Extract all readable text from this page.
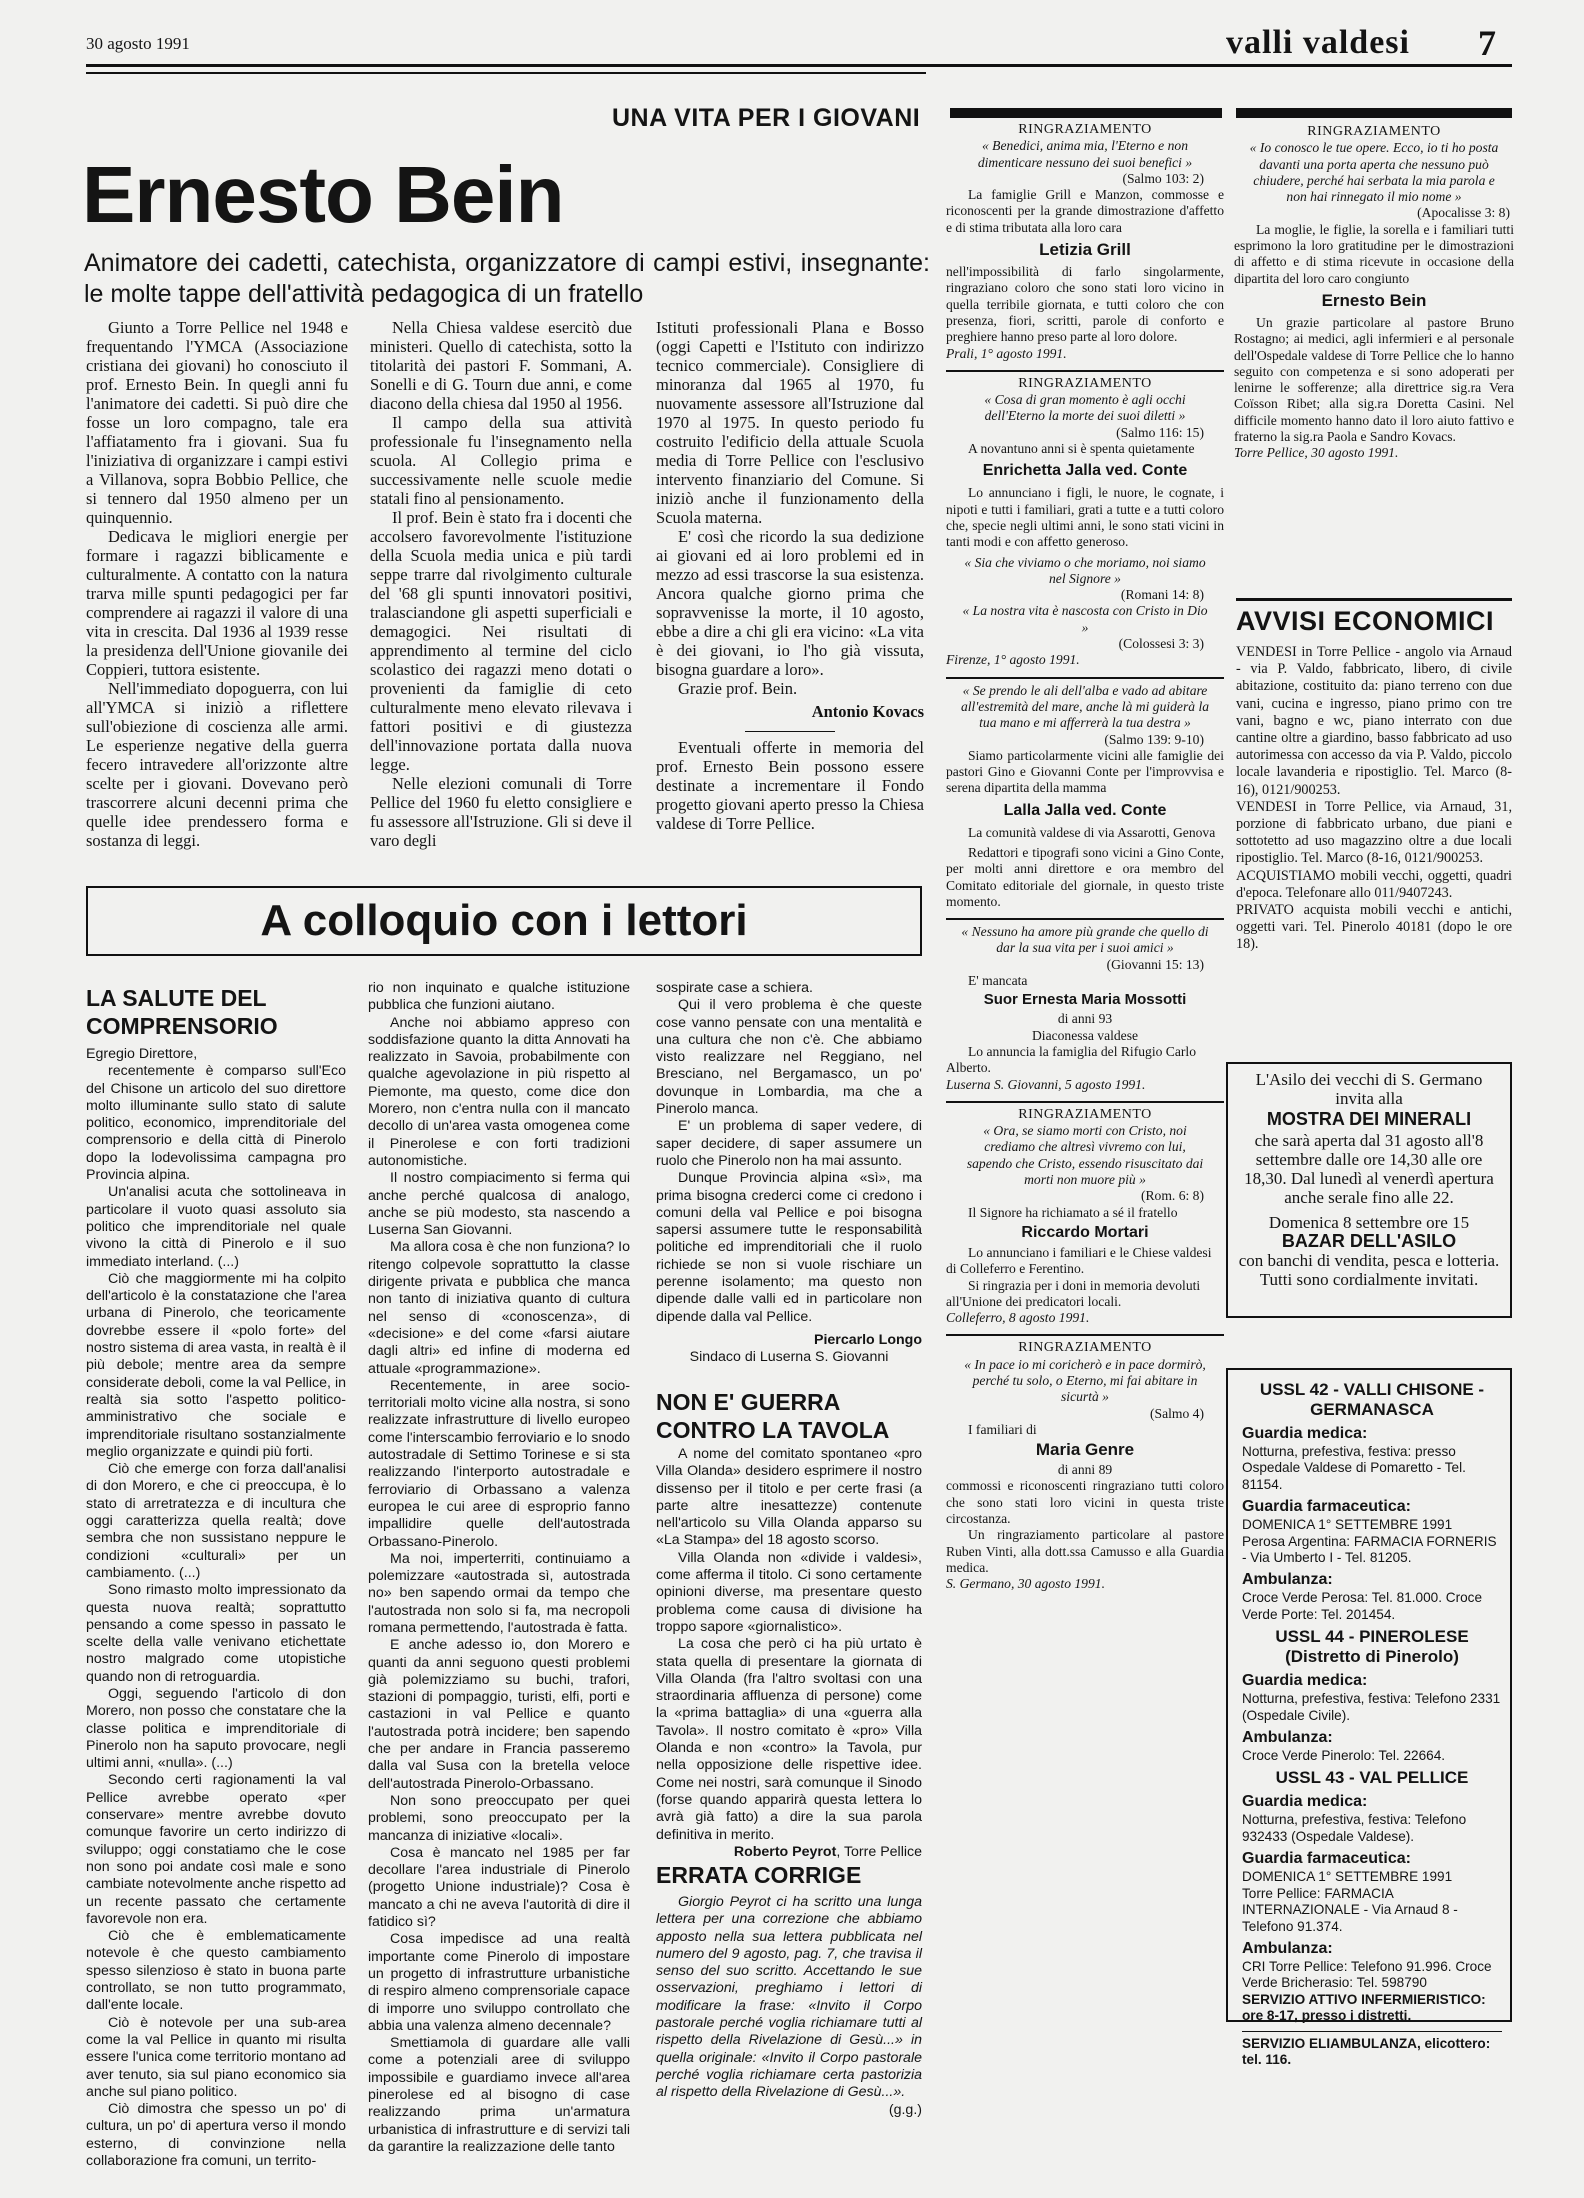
30 agosto 1991	valli valdesi 7
UNA VITA PER I GIOVANI
Ernesto Bein
Animatore dei cadetti, catechista, organizzatore di campi estivi, insegnante: le molte tappe dell'attività pedagogica di un fratello

Giunto a Torre Pellice nel 1948 e frequentando l'YMCA (Associazione cristiana dei giovani) ho conosciuto il prof. Ernesto Bein. In quegli anni fu l'animatore dei cadetti. Si può dire che fosse un loro compagno, tale era l'affiatamento fra i giovani. Sua fu l'iniziativa di organizzare i campi estivi a Villanova, sopra Bobbio Pellice, che si tennero dal 1950 almeno per un quinquennio.

Dedicava le migliori energie per formare i ragazzi biblicamente e culturalmente. A contatto con la natura trarva mille spunti pedagogici per far comprendere ai ragazzi il valore di una vita in crescita. Dal 1936 al 1939 resse la presidenza dell'Unione giovanile dei Coppieri, tuttora esistente.

Nell'immediato dopoguerra, con lui all'YMCA si iniziò a riflettere sull'obiezione di coscienza alle armi. Le esperienze negative della guerra fecero intravedere all'orizzonte altre scelte per i giovani. Dovevano però trascorrere alcuni decenni prima che quelle idee prendessero forma e sostanza di leggi.

Nella Chiesa valdese esercitò due ministeri. Quello di catechista, sotto la titolarità dei pastori F. Sommani, A. Sonelli e di G. Tourn due anni, e come diacono della chiesa dal 1950 al 1956.

Il campo della sua attività professionale fu l'insegnamento nella scuola. Al Collegio prima e successivamente nelle scuole medie statali fino al pensionamento.

Il prof. Bein è stato fra i docenti che accolsero favorevolmente l'istituzione della Scuola media unica e più tardi seppe trarre dal rivolgimento culturale del '68 gli spunti innovatori positivi, tralasciandone gli aspetti superficiali e demagogici. Nei risultati di apprendimento al termine del ciclo scolastico dei ragazzi meno dotati o provenienti da famiglie di ceto culturalmente meno elevato rilevava i fattori positivi e di giustezza dell'innovazione portata dalla nuova legge.

Nelle elezioni comunali di Torre Pellice del 1960 fu eletto consigliere e fu assessore all'Istruzione. Gli si deve il varo degli

Istituti professionali Plana e Bosso (oggi Capetti e l'Istituto con indirizzo tecnico commerciale). Consigliere di minoranza dal 1965 al 1970, fu nuovamente assessore all'Istruzione dal 1970 al 1975. In questo periodo fu costruito l'edificio della attuale Scuola media di Torre Pellice con l'esclusivo intervento finanziario del Comune. Si iniziò anche il funzionamento della Scuola materna.

E' così che ricordo la sua dedizione ai giovani ed ai loro problemi ed in mezzo ad essi trascorse la sua esistenza. Ancora qualche giorno prima che sopravvenisse la morte, il 10 agosto, ebbe a dire a chi gli era vicino: «La vita è dei giovani, io l'ho già vissuta, bisogna guardare a loro».

Grazie prof. Bein.

Antonio Kovacs

Eventuali offerte in memoria del prof. Ernesto Bein possono essere destinate a incrementare il Fondo progetto giovani aperto presso la Chiesa valdese di Torre Pellice.

A colloquio con i lettori
LA SALUTE DEL COMPRENSORIO

Egregio Direttore,

recentemente è comparso sull'Eco del Chisone un articolo del suo direttore molto illuminante sullo stato di salute politico, economico, imprenditoriale del comprensorio e della città di Pinerolo dopo la lodevolissima campagna pro Provincia alpina.

Un'analisi acuta che sottolineava in particolare il vuoto quasi assoluto sia politico che imprenditoriale nel quale vivono la città di Pinerolo e il suo immediato interland. (...)

Ciò che maggiormente mi ha colpito dell'articolo è la constatazione che l'area urbana di Pinerolo, che teoricamente dovrebbe essere il «polo forte» del nostro sistema di area vasta, in realtà è il più debole; mentre area da sempre considerate deboli, come la val Pellice, in realtà sia sotto l'aspetto politico-amministrativo che sociale e imprenditoriale risultano sostanzialmente meglio organizzate e quindi più forti.

Ciò che emerge con forza dall'analisi di don Morero, e che ci preoccupa, è lo stato di arretratezza e di incultura che oggi caratterizza quella realtà; dove sembra che non sussistano neppure le condizioni «culturali» per un cambiamento. (...)

Sono rimasto molto impressionato da questa nuova realtà; soprattutto pensando a come spesso in passato le scelte della valle venivano etichettate nostro malgrado come utopistiche quando non di retroguardia.

Oggi, seguendo l'articolo di don Morero, non posso che constatare che la classe politica e imprenditoriale di Pinerolo non ha saputo provocare, negli ultimi anni, «nulla». (...)

Secondo certi ragionamenti la val Pellice avrebbe operato «per conservare» mentre avrebbe dovuto comunque favorire un certo indirizzo di sviluppo; oggi constatiamo che le cose non sono poi andate così male e sono cambiate notevolmente anche rispetto ad un recente passato che certamente favorevole non era.

Ciò che è emblematicamente notevole è che questo cambiamento spesso silenzioso è stato in buona parte controllato, se non tutto programmato, dall'ente locale.

Ciò è notevole per una sub-area come la val Pellice in quanto mi risulta essere l'unica come territorio montano ad aver tenuto, sia sul piano economico sia anche sul piano politico.

Ciò dimostra che spesso un po' di cultura, un po' di apertura verso il mondo esterno, di convinzione nella collaborazione fra comuni, un territo-

rio non inquinato e qualche istituzione pubblica che funzioni aiutano.

Anche noi abbiamo appreso con soddisfazione quanto la ditta Annovati ha realizzato in Savoia, probabilmente con qualche agevolazione in più rispetto al Piemonte, ma questo, come dice don Morero, non c'entra nulla con il mancato decollo di un'area vasta omogenea come il Pinerolese e con forti tradizioni autonomistiche.

Il nostro compiacimento si ferma qui anche perché qualcosa di analogo, anche se più modesto, sta nascendo a Luserna San Giovanni.

Ma allora cosa è che non funziona? Io ritengo colpevole soprattutto la classe dirigente privata e pubblica che manca non tanto di iniziativa quanto di cultura nel senso di «conoscenza», di «decisione» e del come «farsi aiutare dagli altri» ed infine di moderna ed attuale «programmazione».

Recentemente, in aree socio-territoriali molto vicine alla nostra, si sono realizzate infrastrutture di livello europeo come l'interscambio ferroviario e lo snodo autostradale di Settimo Torinese e si sta realizzando l'interporto autostradale e ferroviario di Orbassano a valenza europea le cui aree di esproprio fanno impallidire quelle dell'autostrada Orbassano-Pinerolo.

Ma noi, imperterriti, continuiamo a polemizzare «autostrada sì, autostrada no» ben sapendo ormai da tempo che l'autostrada non solo si fa, ma necropoli romana permettendo, l'autostrada è fatta.

E anche adesso io, don Morero e quanti da anni seguono questi problemi già polemizziamo su buchi, trafori, stazioni di pompaggio, turisti, elfi, porti e castazioni in val Pellice e quanto l'autostrada potrà incidere; ben sapendo che per andare in Francia passeremo dalla val Susa con la bretella veloce dell'autostrada Pinerolo-Orbassano.

Non sono preoccupato per quei problemi, sono preoccupato per la mancanza di iniziative «locali».

Cosa è mancato nel 1985 per far decollare l'area industriale di Pinerolo (progetto Unione industriale)? Cosa è mancato a chi ne aveva l'autorità di dire il fatidico sì?

Cosa impedisce ad una realtà importante come Pinerolo di impostare un progetto di infrastrutture urbanistiche di respiro almeno comprensoriale capace di imporre uno sviluppo controllato che abbia una valenza almeno decennale?

Smettiamola di guardare alle valli come a potenziali aree di sviluppo impossibile e guardiamo invece all'area pinerolese ed al bisogno di case realizzando prima un'armatura urbanistica di infrastrutture e di servizi tali da garantire la realizzazione delle tanto

sospirate case a schiera.

Qui il vero problema è che queste cose vanno pensate con una mentalità e una cultura che non c'è. Che abbiamo visto realizzare nel Reggiano, nel Bresciano, nel Bergamasco, un po' dovunque in Lombardia, ma che a Pinerolo manca.

E' un problema di saper vedere, di saper decidere, di saper assumere un ruolo che Pinerolo non ha mai assunto.

Dunque Provincia alpina «sì», ma prima bisogna crederci come ci credono i comuni della val Pellice e poi bisogna sapersi assumere tutte le responsabilità politiche ed imprenditoriali che il ruolo richiede se non si vuole rischiare un perenne isolamento; ma questo non dipende dalle valli ed in particolare non dipende dalla val Pellice.

Piercarlo Longo

Sindaco di Luserna S. Giovanni

NON E' GUERRA CONTRO LA TAVOLA

A nome del comitato spontaneo «pro Villa Olanda» desidero esprimere il nostro dissenso per il titolo e per certe frasi (a parte altre inesattezze) contenute nell'articolo su Villa Olanda apparso su «La Stampa» del 18 agosto scorso.

Villa Olanda non «divide i valdesi», come afferma il titolo. Ci sono certamente opinioni diverse, ma presentare questo problema come causa di divisione ha troppo sapore «giornalistico».

La cosa che però ci ha più urtato è stata quella di presentare la giornata di Villa Olanda (fra l'altro svoltasi con una straordinaria affluenza di persone) come la «prima battaglia» di una «guerra alla Tavola». Il nostro comitato è «pro» Villa Olanda e non «contro» la Tavola, pur nella opposizione delle rispettive idee. Come nei nostri, sarà comunque il Sinodo (forse quando apparirà questa lettera lo avrà già fatto) a dire la sua parola definitiva in merito.

Roberto Peyrot, Torre Pellice

ERRATA CORRIGE

Giorgio Peyrot ci ha scritto una lunga lettera per una correzione che abbiamo apposto nella sua lettera pubblicata nel numero del 9 agosto, pag. 7, che travisa il senso del suo scritto. Accettando le sue osservazioni, preghiamo i lettori di modificare la frase: «Invito il Corpo pastorale perché voglia richiamare tutti al rispetto della Rivelazione di Gesù...» in quella originale: «Invito il Corpo pastorale perché voglia richiamare certa pastorizia al rispetto della Rivelazione di Gesù...».

(g.g.)

RINGRAZIAMENTO

« Benedici, anima mia, l'Eterno e non dimenticare nessuno dei suoi benefici »

(Salmo 103: 2)

La famiglie Grill e Manzon, commosse e riconoscenti per la grande dimostrazione d'affetto e di stima tributata alla loro cara

Letizia Grill

nell'impossibilità di farlo singolarmente, ringraziano coloro che sono stati loro vicino in quella terribile giornata, e tutti coloro che con presenza, fiori, scritti, parole di conforto e preghiere hanno preso parte al loro dolore.

Prali, 1° agosto 1991.

RINGRAZIAMENTO

« Cosa di gran momento è agli occhi dell'Eterno la morte dei suoi diletti »

(Salmo 116: 15)

A novantuno anni si è spenta quietamente

Enrichetta Jalla ved. Conte

Lo annunciano i figli, le nuore, le cognate, i nipoti e tutti i familiari, grati a tutte e a tutti coloro che, specie negli ultimi anni, le sono stati vicini in tanti modi e con affetto generoso.

« Sia che viviamo o che moriamo, noi siamo nel Signore »

(Romani 14: 8)

« La nostra vita è nascosta con Cristo in Dio »

(Colossesi 3: 3)

Firenze, 1° agosto 1991.

« Se prendo le ali dell'alba e vado ad abitare all'estremità del mare, anche là mi guiderà la tua mano e mi afferrerà la tua destra »

(Salmo 139: 9-10)

Siamo particolarmente vicini alle famiglie dei pastori Gino e Giovanni Conte per l'improvvisa e serena dipartita della mamma

Lalla Jalla ved. Conte

La comunità valdese di via Assarotti, Genova

Redattori e tipografi sono vicini a Gino Conte, per molti anni direttore e ora membro del Comitato editoriale del giornale, in questo triste momento.

« Nessuno ha amore più grande che quello di dar la sua vita per i suoi amici »

(Giovanni 15: 13)

E' mancata

Suor Ernesta Maria Mossotti

di anni 93

Diaconessa valdese

Lo annuncia la famiglia del Rifugio Carlo Alberto.

Luserna S. Giovanni, 5 agosto 1991.

RINGRAZIAMENTO

« Ora, se siamo morti con Cristo, noi crediamo che altresì vivremo con lui, sapendo che Cristo, essendo risuscitato dai morti non muore più »

(Rom. 6: 8)

Il Signore ha richiamato a sé il fratello

Riccardo Mortari

Lo annunciano i familiari e le Chiese valdesi di Colleferro e Ferentino.

Si ringrazia per i doni in memoria devoluti all'Unione dei predicatori locali.

Colleferro, 8 agosto 1991.

RINGRAZIAMENTO

« In pace io mi coricherò e in pace dormirò, perché tu solo, o Eterno, mi fai abitare in sicurtà »

(Salmo 4)

I familiari di

Maria Genre

di anni 89

commossi e riconoscenti ringraziano tutti coloro che sono stati loro vicini in questa triste circostanza.

Un ringraziamento particolare al pastore Ruben Vinti, alla dott.ssa Camusso e alla Guardia medica.

S. Germano, 30 agosto 1991.

RINGRAZIAMENTO

« Io conosco le tue opere. Ecco, io ti ho posta davanti una porta aperta che nessuno può chiudere, perché hai serbata la mia parola e non hai rinnegato il mio nome »

(Apocalisse 3: 8)

La moglie, le figlie, la sorella e i familiari tutti esprimono la loro gratitudine per le dimostrazioni di affetto e di stima ricevute in occasione della dipartita del loro caro congiunto

Ernesto Bein

Un grazie particolare al pastore Bruno Rostagno; ai medici, agli infermieri e al personale dell'Ospedale valdese di Torre Pellice che lo hanno seguito con competenza e si sono adoperati per lenirne le sofferenze; alla direttrice sig.ra Vera Coïsson Ribet; alla sig.ra Doretta Casini. Nel difficile momento hanno dato il loro aiuto fattivo e fraterno la sig.ra Paola e Sandro Kovacs.

Torre Pellice, 30 agosto 1991.

AVVISI ECONOMICI

VENDESI in Torre Pellice - angolo via Arnaud - via P. Valdo, fabbricato, libero, di civile abitazione, costituito da: piano terreno con due vani, cucina e ingresso, piano primo con tre vani, bagno e wc, piano interrato con due cantine oltre a giardino, basso fabbricato ad uso autorimessa con accesso da via P. Valdo, piccolo locale lavanderia e ripostiglio. Tel. Marco (8-16), 0121/900253.

VENDESI in Torre Pellice, via Arnaud, 31, porzione di fabbricato urbano, due piani e sottotetto ad uso magazzino oltre a due locali ripostiglio. Tel. Marco (8-16, 0121/900253.

ACQUISTIAMO mobili vecchi, oggetti, quadri d'epoca. Telefonare allo 011/9407243.

PRIVATO acquista mobili vecchi e antichi, oggetti vari. Tel. Pinerolo 40181 (dopo le ore 18).

L'Asilo dei vecchi di S. Germano invita alla

MOSTRA DEI MINERALI

che sarà aperta dal 31 agosto all'8 settembre dalle ore 14,30 alle ore 18,30. Dal lunedì al venerdì apertura anche serale fino alle 22.

Domenica 8 settembre ore 15

BAZAR DELL'ASILO

con banchi di vendita, pesca e lotteria. Tutti sono cordialmente invitati.

USSL 42 - VALLI CHISONE - GERMANASCA

Guardia medica:

Notturna, prefestiva, festiva: presso Ospedale Valdese di Pomaretto - Tel. 81154.

Guardia farmaceutica:

DOMENICA 1° SETTEMBRE 1991

Perosa Argentina: FARMACIA FORNERIS - Via Umberto I - Tel. 81205.

Ambulanza:

Croce Verde Perosa: Tel. 81.000. Croce Verde Porte: Tel. 201454.

USSL 44 - PINEROLESE (Distretto di Pinerolo)

Guardia medica:

Notturna, prefestiva, festiva: Telefono 2331 (Ospedale Civile).

Ambulanza:

Croce Verde Pinerolo: Tel. 22664.

USSL 43 - VAL PELLICE

Guardia medica:

Notturna, prefestiva, festiva: Telefono 932433 (Ospedale Valdese).

Guardia farmaceutica:

DOMENICA 1° SETTEMBRE 1991

Torre Pellice: FARMACIA INTERNAZIONALE - Via Arnaud 8 - Telefono 91.374.

Ambulanza:

CRI Torre Pellice: Telefono 91.996. Croce Verde Bricherasio: Tel. 598790

SERVIZIO ATTIVO INFERMIERISTICO: ore 8-17, presso i distretti.

SERVIZIO ELIAMBULANZA, elicottero: tel. 116.
